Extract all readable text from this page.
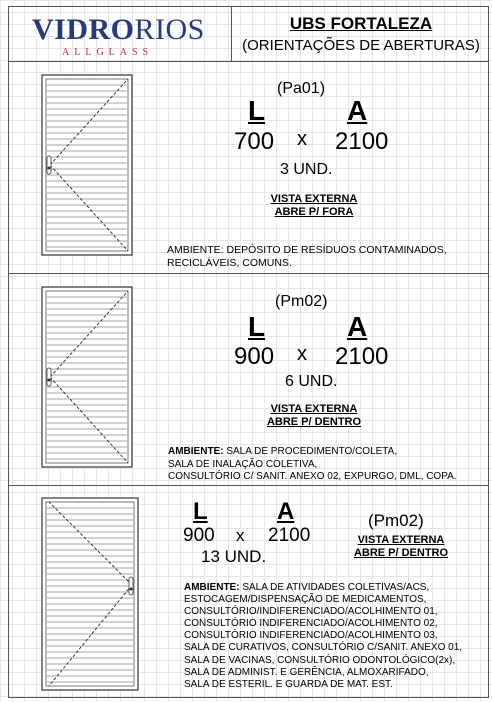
VIDRORIOS
ALLGLASS
UBS FORTALEZA
(ORIENTAÇÕES DE ABERTURAS)
(Pa01)
L	A
700 x 2100
3 UND.
VISTA EXTERNA
ABRE P/ FORA
AMBIENTE: DEPÓSITO DE RESÍDUOS CONTAMINADOS,
RECICLÁVEIS, COMUNS.
(Pm02)
L	A
900 x 2100
6 UND.
VISTA EXTERNA
ABRE P/ DENTRO
AMBIENTE: SALA DE PROCEDIMENTO/COLETA,
SALA DE INALAÇÃO COLETIVA,
CONSULTÓRIO C/ SANIT. ANEXO 02, EXPURGO, DML, COPA.
L	A
900 x 2100
13 UND.
(Pm02)
VISTA EXTERNA
ABRE P/ DENTRO
AMBIENTE: SALA DE ATIVIDADES COLETIVAS/ACS,
ESTOCAGEM/DISPENSAÇÃO DE MEDICAMENTOS,
CONSULTÓRIO/INDIFERENCIADO/ACOLHIMENTO 01,
CONSULTÓRIO INDIFERENCIADO/ACOLHIMENTO 02,
CONSULTÓRIO INDIFERENCIADO/ACOLHIMENTO 03,
SALA DE CURATIVOS, CONSULTÓRIO C/SANIT. ANEXO 01,
SALA DE VACINAS, CONSULTÓRIO ODONTOLÓGICO(2x),
SALA DE ADMINIST. E GERÊNCIA, ALMOXARIFADO,
SALA DE ESTERIL. E GUARDA DE MAT. EST.
